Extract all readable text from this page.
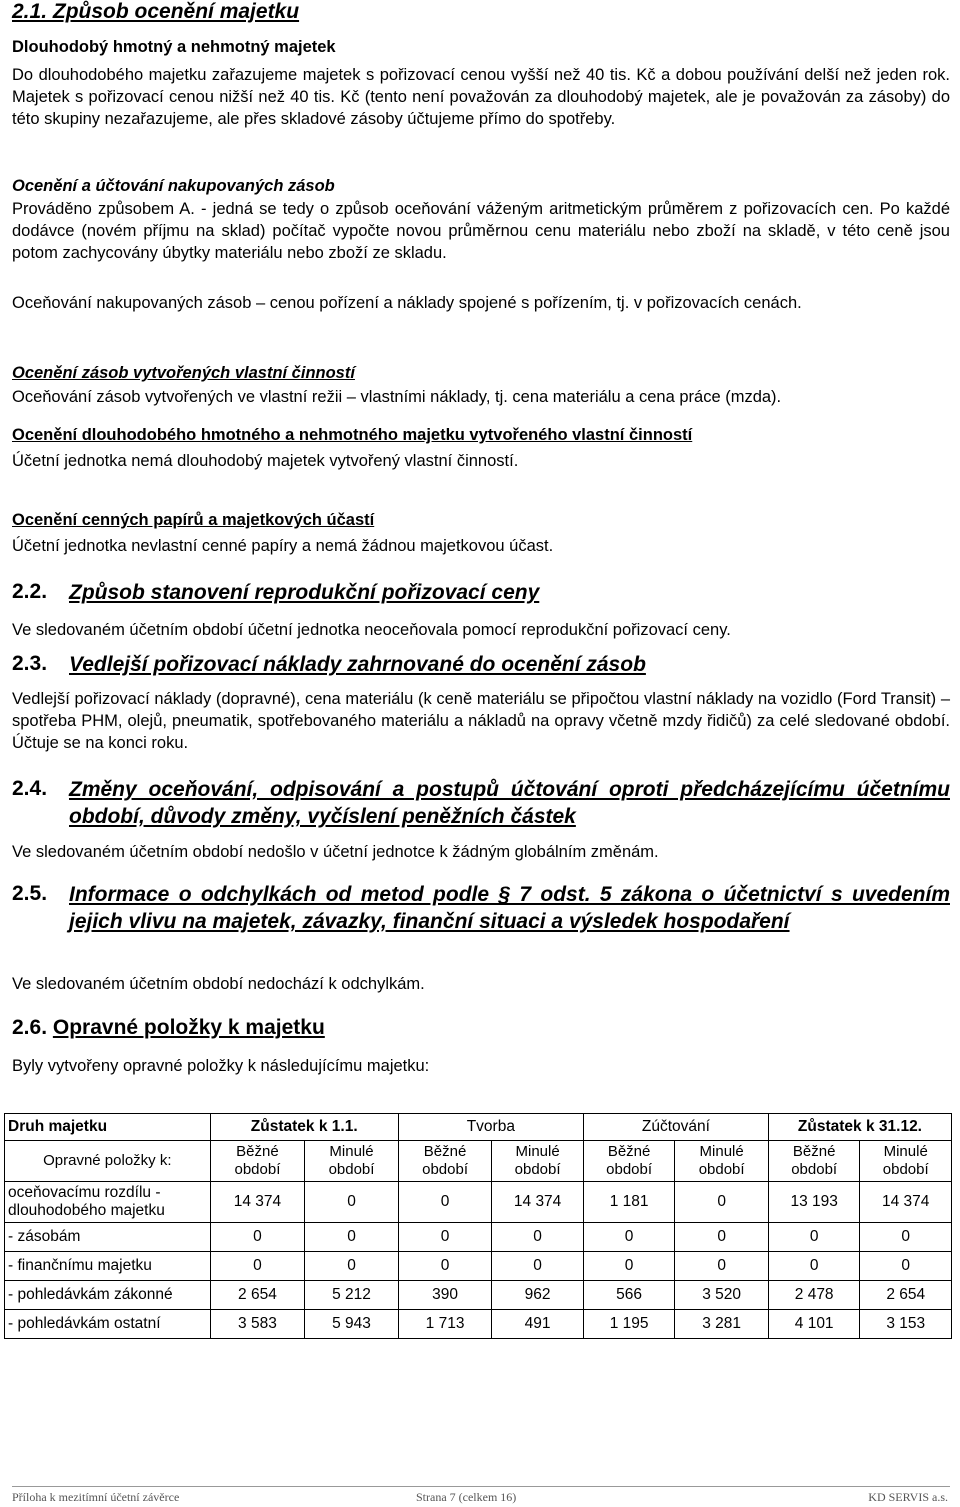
2.1. Způsob ocenění majetku
Dlouhodobý hmotný a nehmotný majetek
Do dlouhodobého majetku zařazujeme majetek s pořizovací cenou vyšší než 40 tis. Kč a dobou používání delší než jeden rok. Majetek s pořizovací cenou nižší než 40 tis. Kč (tento není považován za dlouhodobý majetek, ale je považován za zásoby) do této skupiny nezařazujeme, ale přes skladové zásoby účtujeme přímo do spotřeby.
Ocenění a účtování nakupovaných zásob
Prováděno způsobem A. - jedná se tedy o způsob oceňování váženým aritmetickým průměrem z pořizovacích cen. Po každé dodávce (novém příjmu na sklad) počítač vypočte novou průměrnou cenu materiálu nebo zboží na skladě, v této ceně jsou potom zachycovány úbytky materiálu nebo zboží ze skladu.
Oceňování nakupovaných zásob – cenou pořízení a náklady spojené s pořízením, tj. v pořizovacích cenách.
Ocenění zásob vytvořených vlastní činností
Oceňování zásob vytvořených ve vlastní režii – vlastními náklady, tj. cena materiálu a cena práce (mzda).
Ocenění dlouhodobého hmotného a nehmotného majetku vytvořeného vlastní činností
Účetní jednotka nemá dlouhodobý majetek vytvořený vlastní činností.
Ocenění cenných papírů a majetkových účastí
Účetní jednotka nevlastní cenné papíry a nemá žádnou majetkovou účast.
2.2. Způsob stanovení reprodukční pořizovací ceny
Ve sledovaném účetním období účetní jednotka neoceňovala pomocí reprodukční pořizovací ceny.
2.3. Vedlejší pořizovací náklady zahrnované do ocenění zásob
Vedlejší pořizovací náklady (dopravné), cena materiálu (k ceně materiálu se připočtou vlastní náklady na vozidlo (Ford Transit) – spotřeba PHM, olejů, pneumatik, spotřebovaného materiálu a nákladů na opravy včetně mzdy řidičů) za celé sledované období. Účtuje se na konci roku.
2.4. Změny oceňování, odpisování a postupů účtování oproti předcházejícímu účetnímu období, důvody změny, vyčíslení peněžních částek
Ve sledovaném účetním období nedošlo v účetní jednotce k žádným globálním změnám.
2.5. Informace o odchylkách od metod podle § 7 odst. 5 zákona o účetnictví s uvedením jejich vlivu na majetek, závazky, finanční situaci a výsledek hospodaření
Ve sledovaném účetním období nedochází k odchylkám.
2.6. Opravné položky k majetku
Byly vytvořeny opravné položky k následujícímu majetku:
Druh majetku	Zůstatek k 1.1.		Tvorba		Zúčtování		Zůstatek k 31.12.	
Opravné položky k:	Běžné období	Minulé období	Běžné období	Minulé období	Běžné období	Minulé období	Běžné období	Minulé období
oceňovacímu rozdílu - dlouhodobého majetku	14 374	0	0	14 374	1 181	0	13 193	14 374
- zásobám	0	0	0	0	0	0	0	0
- finančnímu majetku	0	0	0	0	0	0	0	0
- pohledávkám zákonné	2 654	5 212	390	962	566	3 520	2 478	2 654
- pohledávkám ostatní	3 583	5 943	1 713	491	1 195	3 281	4 101	3 153
Příloha k mezitímní účetní závěrce	Strana 7 (celkem 16)	KD SERVIS a.s.
